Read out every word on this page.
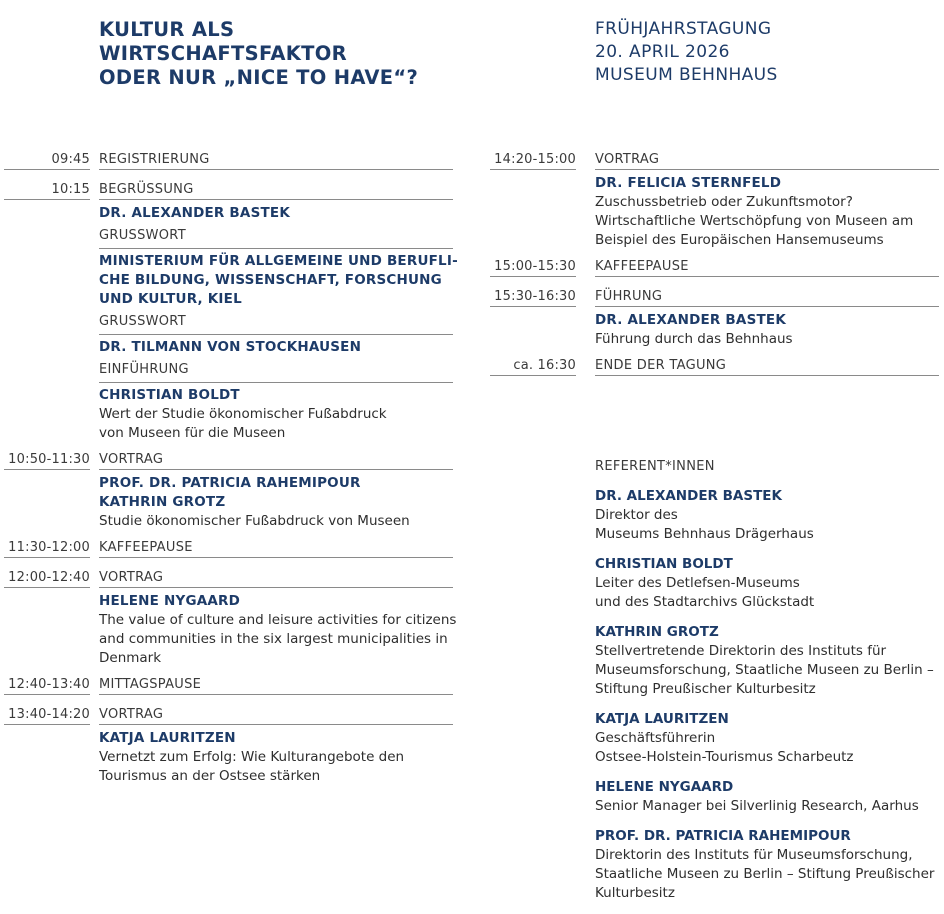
KULTUR ALS
WIRTSCHAFTSFAKTOR
ODER NUR „NICE TO HAVE“?
FRÜHJAHRSTAGUNG
20. APRIL 2026
MUSEUM BEHNHAUS
09:45 REGISTRIERUNG
10:15 BEGRÜSSUNG
DR. ALEXANDER BASTEK
GRUSSWORT
MINISTERIUM FÜR ALLGEMEINE UND BERUFLI-
CHE BILDUNG, WISSENSCHAFT, FORSCHUNG
UND KULTUR, KIEL
GRUSSWORT
DR. TILMANN VON STOCKHAUSEN
EINFÜHRUNG
CHRISTIAN BOLDT
Wert der Studie ökonomischer Fußabdruck
von Museen für die Museen
10:50-11:30 VORTRAG
PROF. DR. PATRICIA RAHEMIPOUR
KATHRIN GROTZ
Studie ökonomischer Fußabdruck von Museen
11:30-12:00 KAFFEEPAUSE
12:00-12:40 VORTRAG
HELENE NYGAARD
The value of culture and leisure activities for citizens
and communities in the six largest municipalities in
Denmark
12:40-13:40 MITTAGSPAUSE
13:40-14:20 VORTRAG
KATJA LAURITZEN
Vernetzt zum Erfolg: Wie Kulturangebote den
Tourismus an der Ostsee stärken
14:20-15:00 VORTRAG
DR. FELICIA STERNFELD
Zuschussbetrieb oder Zukunftsmotor?
Wirtschaftliche Wertschöpfung von Museen am
Beispiel des Europäischen Hansemuseums
15:00-15:30 KAFFEEPAUSE
15:30-16:30 FÜHRUNG
DR. ALEXANDER BASTEK
Führung durch das Behnhaus
ca. 16:30 ENDE DER TAGUNG
REFERENT*INNEN
DR. ALEXANDER BASTEK
Direktor des
Museums Behnhaus Drägerhaus
CHRISTIAN BOLDT
Leiter des Detlefsen-Museums
und des Stadtarchivs Glückstadt
KATHRIN GROTZ
Stellvertretende Direktorin des Instituts für
Museumsforschung, Staatliche Museen zu Berlin –
Stiftung Preußischer Kulturbesitz
KATJA LAURITZEN
Geschäftsführerin
Ostsee-Holstein-Tourismus Scharbeutz
HELENE NYGAARD
Senior Manager bei Silverlinig Research, Aarhus
PROF. DR. PATRICIA RAHEMIPOUR
Direktorin des Instituts für Museumsforschung,
Staatliche Museen zu Berlin – Stiftung Preußischer
Kulturbesitz
